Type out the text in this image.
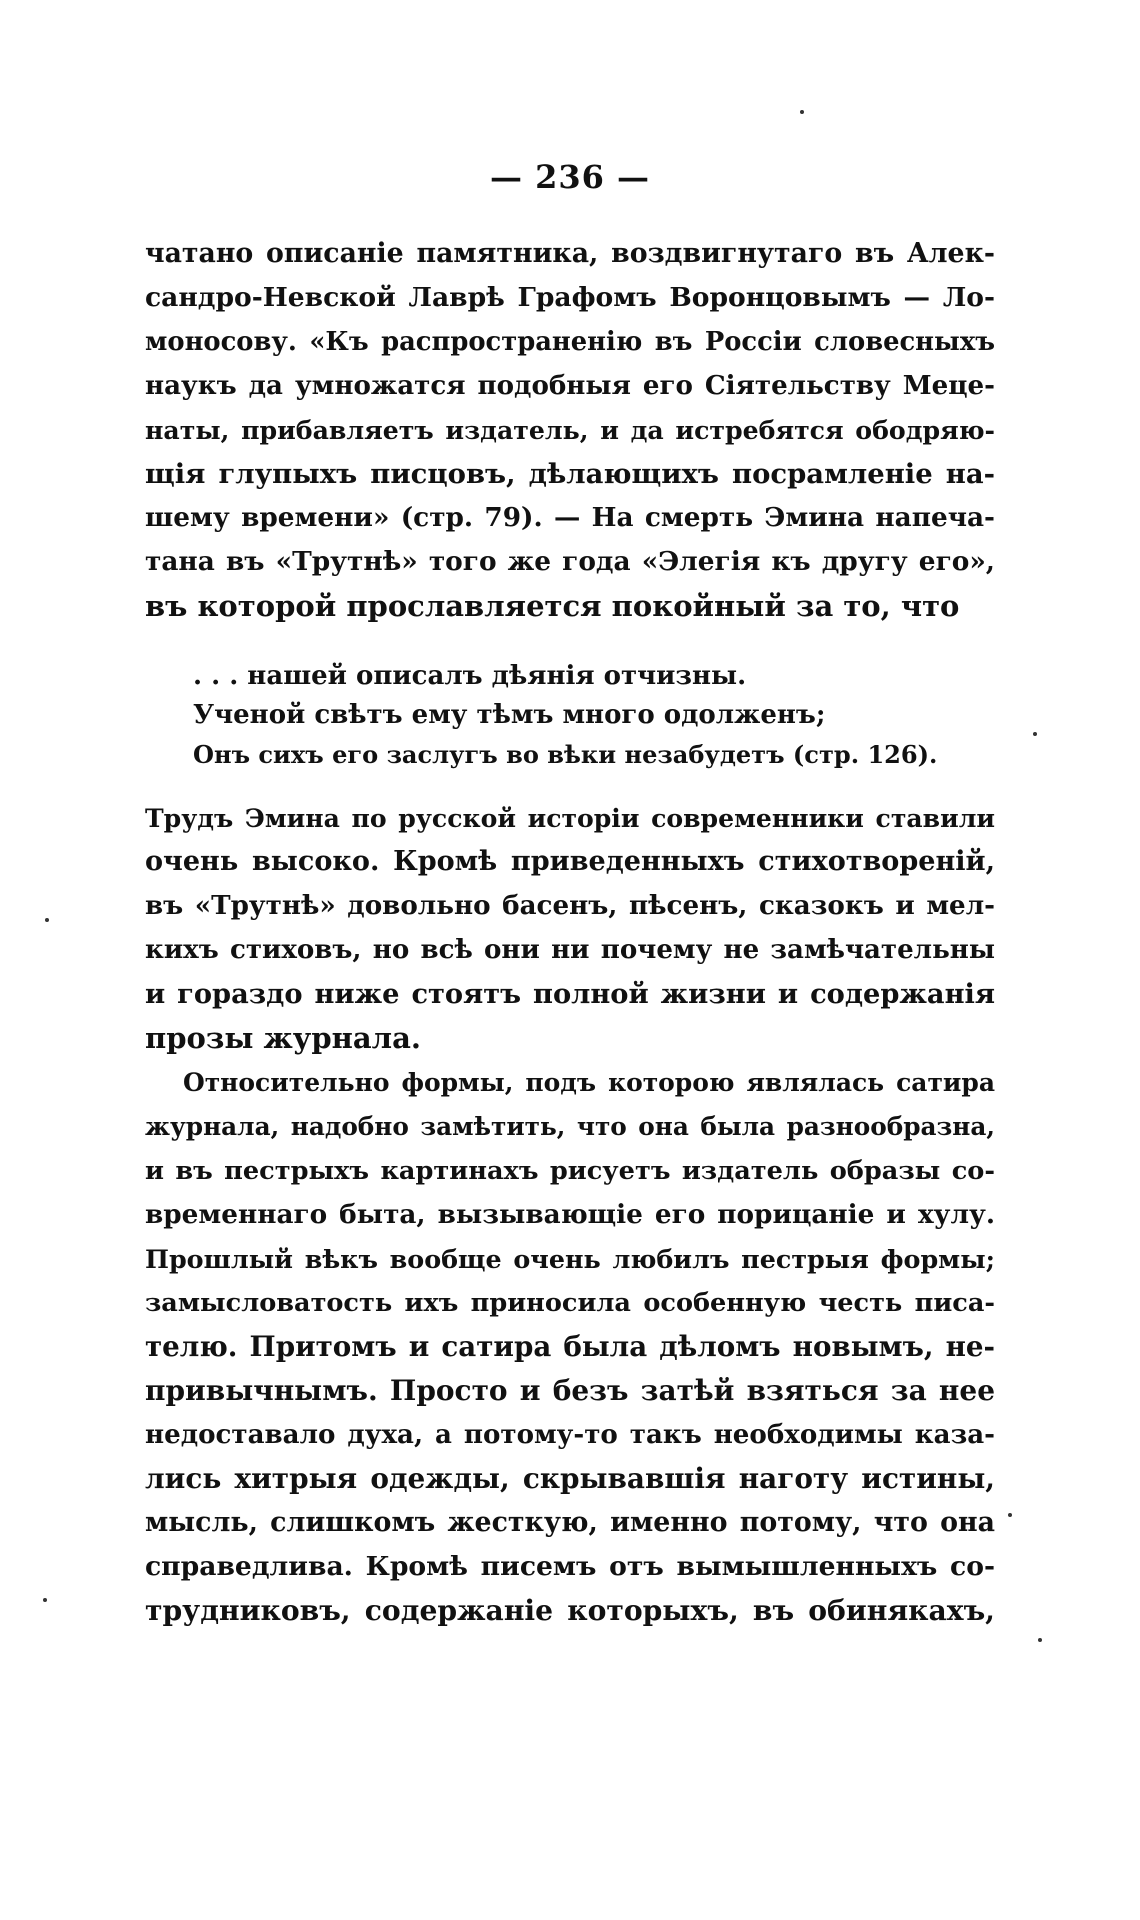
— 236 —
чатано описаніе памятника, воздвигнутаго въ Алек-
сандро-Невской Лаврѣ Графомъ Воронцовымъ — Ло-
моносову. «Къ распространенію въ Россіи словесныхъ
наукъ да умножатся подобныя его Сіятельству Мецe-
наты, прибавляетъ издатель, и да истребятся ободряю-
щія глупыхъ писцовъ, дѣлающихъ посрамленіе на-
шему времени» (стр. 79). — На смерть Эмина напеча-
тана въ «Трутнѣ» того же года «Элегія къ другу его»,
въ которой прославляется покойный за то, что
. . . нашей описалъ дѣянія отчизны.
Ученой свѣтъ ему тѣмъ много одолженъ;
Онъ сихъ его заслугъ во вѣки незабудетъ (стр. 126).
Трудъ Эмина по русской исторіи современники ставили
очень высоко. Кромѣ приведенныхъ стихотвореній,
въ «Трутнѣ» довольно басенъ, пѣсенъ, сказокъ и мел-
кихъ стиховъ, но всѣ они ни почему не замѣчательны
и гораздо ниже стоятъ полной жизни и содержанія
прозы журнала.
Относительно формы, подъ которою являлась сатира
журнала, надобно замѣтить, что она была разнообразна,
и въ пестрыхъ картинахъ рисуетъ издатель образы со-
временнаго быта, вызывающіе его порицаніе и хулу.
Прошлый вѣкъ вообще очень любилъ пестрыя формы;
замысловатость ихъ приносила особенную честь писа-
телю. Притомъ и сатира была дѣломъ новымъ, не-
привычнымъ. Просто и безъ затѣй взяться за нее
недоставало духа, а потому-то такъ необходимы каза-
лись хитрыя одежды, скрывавшія наготу истины,
мысль, слишкомъ жесткую, именно потому, что она
справедлива. Кромѣ писемъ отъ вымышленныхъ со-
трудниковъ, содержаніе которыхъ, въ обинякахъ,
